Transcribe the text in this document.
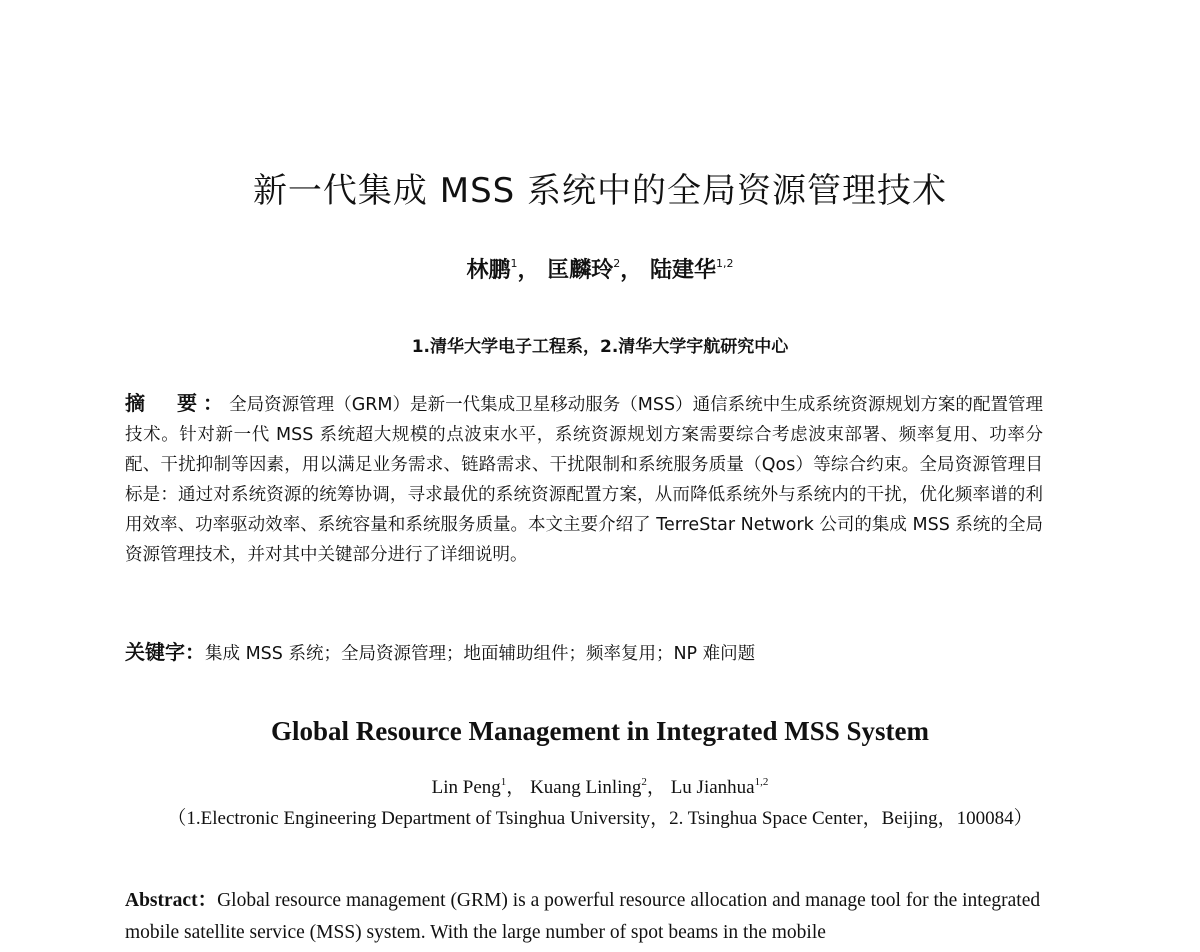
新一代集成 MSS 系统中的全局资源管理技术
林鹏$^1$， 匡麟玲$^2$， 陆建华$^{1,2}$
1.清华大学电子工程系，2.清华大学宇航研究中心
摘　要：全局资源管理（GRM）是新一代集成卫星移动服务（MSS）通信系统中生成系统资源规划方案的配置管理技术。针对新一代 MSS 系统超大规模的点波束水平，系统资源规划方案需要综合考虑波束部署、频率复用、功率分配、干扰抑制等因素，用以满足业务需求、链路需求、干扰限制和系统服务质量（Qos）等综合约束。全局资源管理目标是：通过对系统资源的统筹协调，寻求最优的系统资源配置方案，从而降低系统外与系统内的干扰，优化频率谱的利用效率、功率驱动效率、系统容量和系统服务质量。本文主要介绍了 TerreStar Network 公司的集成 MSS 系统的全局资源管理技术，并对其中关键部分进行了详细说明。
关键字：集成 MSS 系统；全局资源管理；地面辅助组件；频率复用；NP 难问题
Global Resource Management in Integrated MSS System
Lin Peng$^1$， Kuang Linling$^2$， Lu Jianhua$^{1,2}$
（1.Electronic Engineering Department of Tsinghua University，2. Tsinghua Space Center，Beijing，100084）
Abstract：Global resource management (GRM) is a powerful resource allocation and manage tool for the integrated mobile satellite service (MSS) system. With the large number of spot beams in the mobile
